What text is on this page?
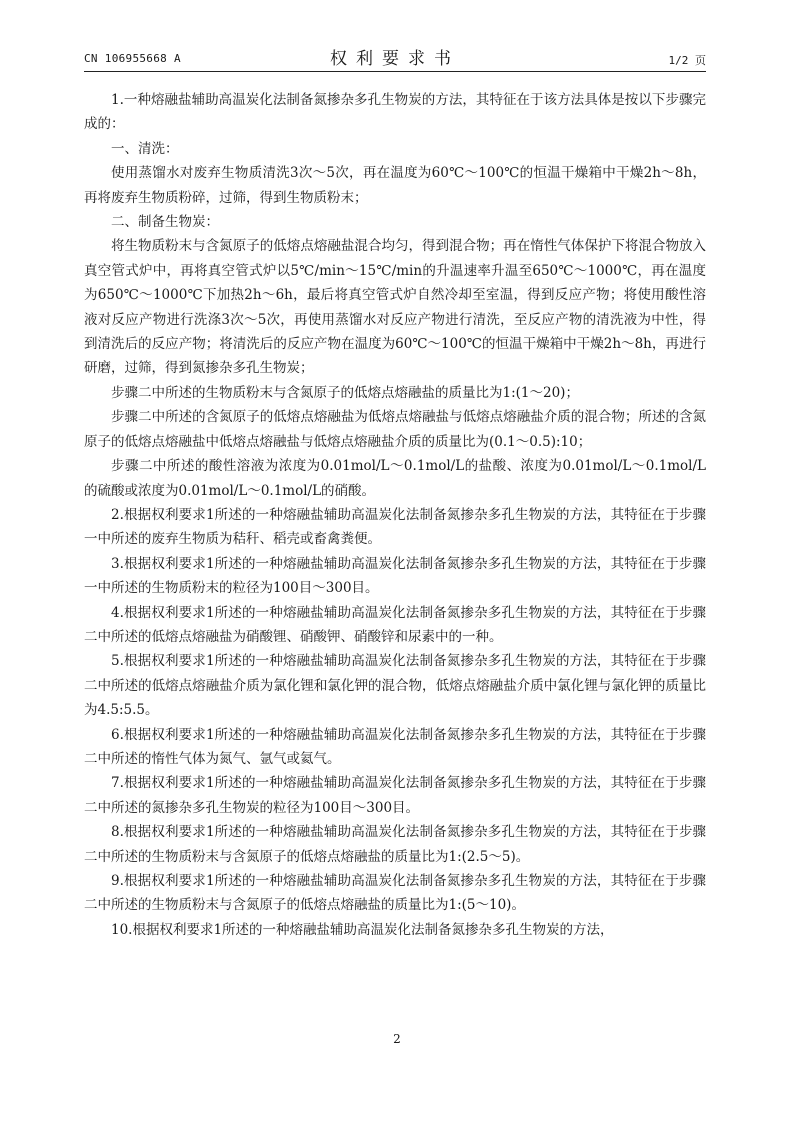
CN 106955668 A	权利要求书	1/2 页

1.一种熔融盐辅助高温炭化法制备氮掺杂多孔生物炭的方法，其特征在于该方法具体是按以下步骤完成的：

一、清洗：

使用蒸馏水对废弃生物质清洗3次～5次，再在温度为60℃～100℃的恒温干燥箱中干燥2h～8h，再将废弃生物质粉碎，过筛，得到生物质粉末；

二、制备生物炭：

将生物质粉末与含氮原子的低熔点熔融盐混合均匀，得到混合物；再在惰性气体保护下将混合物放入真空管式炉中，再将真空管式炉以5℃/min～15℃/min的升温速率升温至650℃～1000℃，再在温度为650℃～1000℃下加热2h～6h，最后将真空管式炉自然冷却至室温，得到反应产物；将使用酸性溶液对反应产物进行洗涤3次～5次，再使用蒸馏水对反应产物进行清洗，至反应产物的清洗液为中性，得到清洗后的反应产物；将清洗后的反应产物在温度为60℃～100℃的恒温干燥箱中干燥2h～8h，再进行研磨，过筛，得到氮掺杂多孔生物炭；

步骤二中所述的生物质粉末与含氮原子的低熔点熔融盐的质量比为1:(1～20)；

步骤二中所述的含氮原子的低熔点熔融盐为低熔点熔融盐与低熔点熔融盐介质的混合物；所述的含氮原子的低熔点熔融盐中低熔点熔融盐与低熔点熔融盐介质的质量比为(0.1～0.5):10；

步骤二中所述的酸性溶液为浓度为0.01mol/L～0.1mol/L的盐酸、浓度为0.01mol/L～0.1mol/L的硫酸或浓度为0.01mol/L～0.1mol/L的硝酸。

2.根据权利要求1所述的一种熔融盐辅助高温炭化法制备氮掺杂多孔生物炭的方法，其特征在于步骤一中所述的废弃生物质为秸秆、稻壳或畜禽粪便。

3.根据权利要求1所述的一种熔融盐辅助高温炭化法制备氮掺杂多孔生物炭的方法，其特征在于步骤一中所述的生物质粉末的粒径为100目～300目。

4.根据权利要求1所述的一种熔融盐辅助高温炭化法制备氮掺杂多孔生物炭的方法，其特征在于步骤二中所述的低熔点熔融盐为硝酸锂、硝酸钾、硝酸锌和尿素中的一种。

5.根据权利要求1所述的一种熔融盐辅助高温炭化法制备氮掺杂多孔生物炭的方法，其特征在于步骤二中所述的低熔点熔融盐介质为氯化锂和氯化钾的混合物，低熔点熔融盐介质中氯化锂与氯化钾的质量比为4.5:5.5。

6.根据权利要求1所述的一种熔融盐辅助高温炭化法制备氮掺杂多孔生物炭的方法，其特征在于步骤二中所述的惰性气体为氮气、氩气或氦气。

7.根据权利要求1所述的一种熔融盐辅助高温炭化法制备氮掺杂多孔生物炭的方法，其特征在于步骤二中所述的氮掺杂多孔生物炭的粒径为100目～300目。

8.根据权利要求1所述的一种熔融盐辅助高温炭化法制备氮掺杂多孔生物炭的方法，其特征在于步骤二中所述的生物质粉末与含氮原子的低熔点熔融盐的质量比为1:(2.5～5)。

9.根据权利要求1所述的一种熔融盐辅助高温炭化法制备氮掺杂多孔生物炭的方法，其特征在于步骤二中所述的生物质粉末与含氮原子的低熔点熔融盐的质量比为1:(5～10)。

10.根据权利要求1所述的一种熔融盐辅助高温炭化法制备氮掺杂多孔生物炭的方法，

2
